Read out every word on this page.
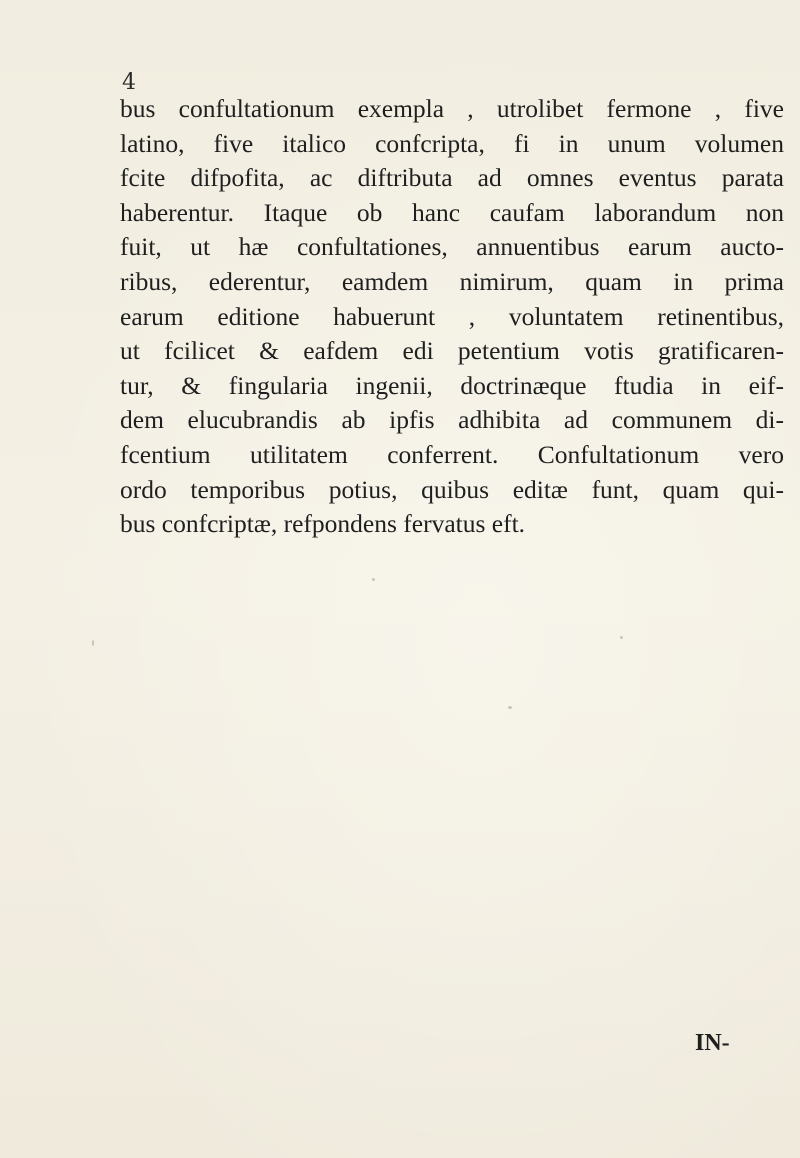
4
bus confultationum exempla , utrolibet fermone , five
latino, five italico confcripta, fi in unum volumen
fcite difpofita, ac diftributa ad omnes eventus parata
haberentur. Itaque ob hanc caufam laborandum non
fuit, ut hæ confultationes, annuentibus earum aucto-
ribus, ederentur, eamdem nimirum, quam in prima
earum editione habuerunt , voluntatem retinentibus,
ut fcilicet & eafdem edi petentium votis gratificaren-
tur, & fingularia ingenii, doctrinæque ftudia in eif-
dem elucubrandis ab ipfis adhibita ad communem di-
fcentium utilitatem conferrent. Confultationum vero
ordo temporibus potius, quibus editæ funt, quam qui-
bus confcriptæ, refpondens fervatus eft.
IN-
